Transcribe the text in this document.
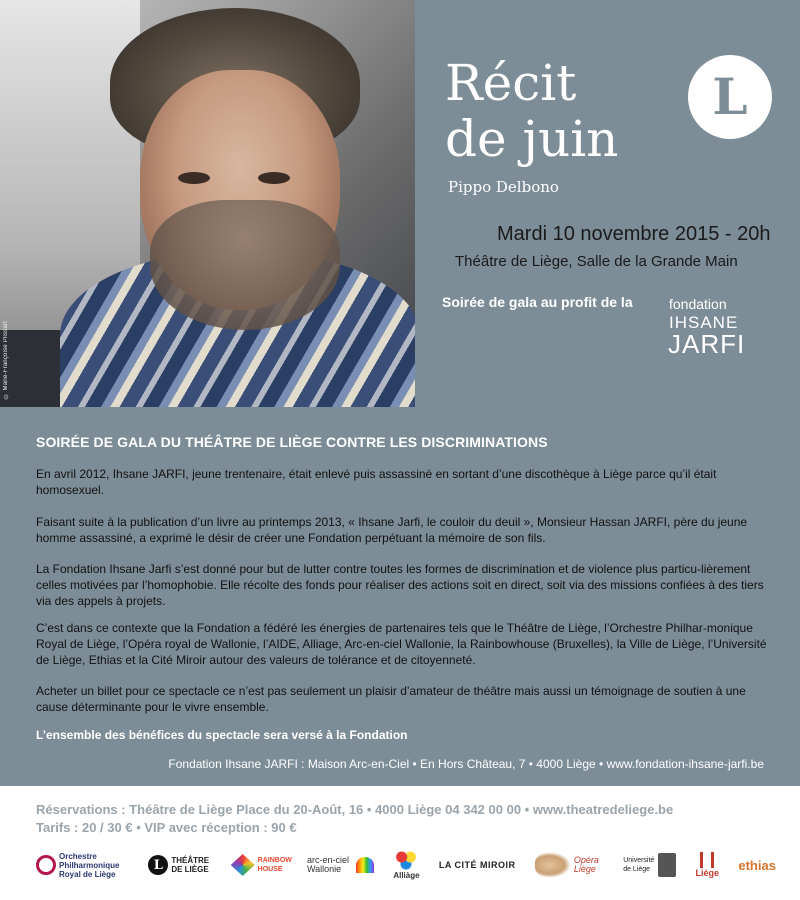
© Marie-Françoise Plissart
Récit
de juin
Pippo Delbono
L
Mardi 10 novembre 2015 - 20h
Théâtre de Liège, Salle de la Grande Main
Soirée de gala au profit de la	fondation
IHSANE
JARFI
SOIRÉE DE GALA DU THÉÂTRE DE LIÈGE CONTRE LES DISCRIMINATIONS
En avril 2012, Ihsane JARFI, jeune trentenaire, était enlevé puis assassiné en sortant d’une discothèque à Liège parce qu’il était homosexuel.
Faisant suite à la publication d’un livre au printemps 2013, « Ihsane Jarfi, le couloir du deuil », Monsieur Hassan JARFI, père du jeune homme assassiné, a exprimé le désir de créer une Fondation perpétuant la mémoire de son fils.
La Fondation Ihsane Jarfi s’est donné pour but de lutter contre toutes les formes de discrimination et de violence plus particu-lièrement celles motivées par l’homophobie. Elle récolte des fonds pour réaliser des actions soit en direct, soit via des missions confiées à des tiers via des appels à projets.
C’est dans ce contexte que la Fondation a fédéré les énergies de partenaires tels que le Théâtre de Liège, l’Orchestre Philhar-monique Royal de Liège, l’Opéra royal de Wallonie, l’AIDE, Alliage, Arc-en-ciel Wallonie, la Rainbowhouse (Bruxelles), la Ville de Liège, l’Université de Liège, Ethias et la Cité Miroir autour des valeurs de tolérance et de citoyenneté.
Acheter un billet pour ce spectacle ce n’est pas seulement un plaisir d’amateur de théâtre mais aussi un témoignage de soutien à une cause déterminante pour le vivre ensemble.
L’ensemble des bénéfices du spectacle sera versé à la Fondation
Fondation Ihsane JARFI : Maison Arc-en-Ciel • En Hors Château, 7 • 4000 Liège • www.fondation-ihsane-jarfi.be
Réservations : Théâtre de Liège Place du 20-Août, 16 • 4000 Liège 04 342 00 00 • www.theatredeliege.be
Tarifs : 20 / 30 € • VIP avec réception : 90 €
Orchestre Philharmonique Royal de Liège
L	THÉÂTRE DE LIÈGE
RAINBOW HOUSE
arc-en-ciel Wallonie
Alliàge
LA CITÉ MIROIR	Opéra Liège
Université de Liège	Liège
ethias
